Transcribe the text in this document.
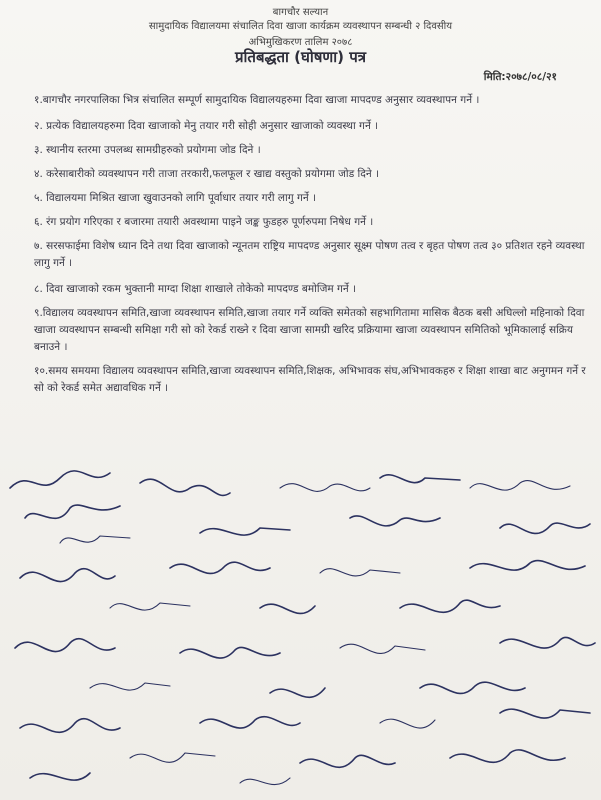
बागचौर सल्यान
सामुदायिक विद्यालयमा संचालित दिवा खाजा कार्यक्रम व्यवस्थापन सम्बन्धी २ दिवसीय
अभिमुखिकरण तालिम २०७८
प्रतिबद्धता (घोषणा) पत्र
मिति:२०७८/०८/२१
१.बागचौर नगरपालिका भित्र संचालित सम्पूर्ण सामुदायिक विद्यालयहरुमा दिवा खाजा मापदण्ड अनुसार व्यवस्थापन गर्ने ।
२. प्रत्येक विद्यालयहरुमा दिवा खाजाको मेनु तयार गरी सोही अनुसार खाजाको व्यवस्था गर्ने ।
३. स्थानीय स्तरमा उपलब्ध सामग्रीहरुको प्रयोगमा जोड दिने ।
४. करेसाबारीको व्यवस्थापन गरी ताजा तरकारी,फलफूल र खाद्य वस्तुको प्रयोगमा जोड दिने ।
५. विद्यालयमा मिश्रित खाजा खुवाउनको लागि पूर्वाधार तयार गरी लागु गर्ने ।
६. रंग प्रयोग गरिएका र बजारमा तयारी अवस्थामा पाइने जङ्क फुडहरु पूर्णरुपमा निषेध गर्ने ।
७. सरसफाईमा विशेष ध्यान दिने तथा दिवा खाजाको न्यूनतम राष्ट्रिय मापदण्ड अनुसार सूक्ष्म पोषण तत्व र बृहत पोषण तत्व ३० प्रतिशत रहने व्यवस्था लागु गर्ने ।
८. दिवा खाजाको रकम भुक्तानी माग्दा शिक्षा शाखाले तोकेको मापदण्ड बमोजिम गर्ने ।
९.विद्यालय व्यवस्थापन समिति,खाजा व्यवस्थापन समिति,खाजा तयार गर्ने व्यक्ति समेतको सहभागितामा मासिक बैठक बसी अघिल्लो महिनाको दिवा खाजा व्यवस्थापन सम्बन्धी समिक्षा गरी सो को रेकर्ड राख्ने र दिवा खाजा सामग्री खरिद प्रक्रियामा खाजा व्यवस्थापन समितिको भूमिकालाई सक्रिय बनाउने ।
१०.समय समयमा विद्यालय व्यवस्थापन समिति,खाजा व्यवस्थापन समिति,शिक्षक, अभिभावक संघ,अभिभावकहरु र शिक्षा शाखा बाट अनुगमन गर्ने र सो को रेकर्ड समेत अद्यावधिक गर्ने ।
